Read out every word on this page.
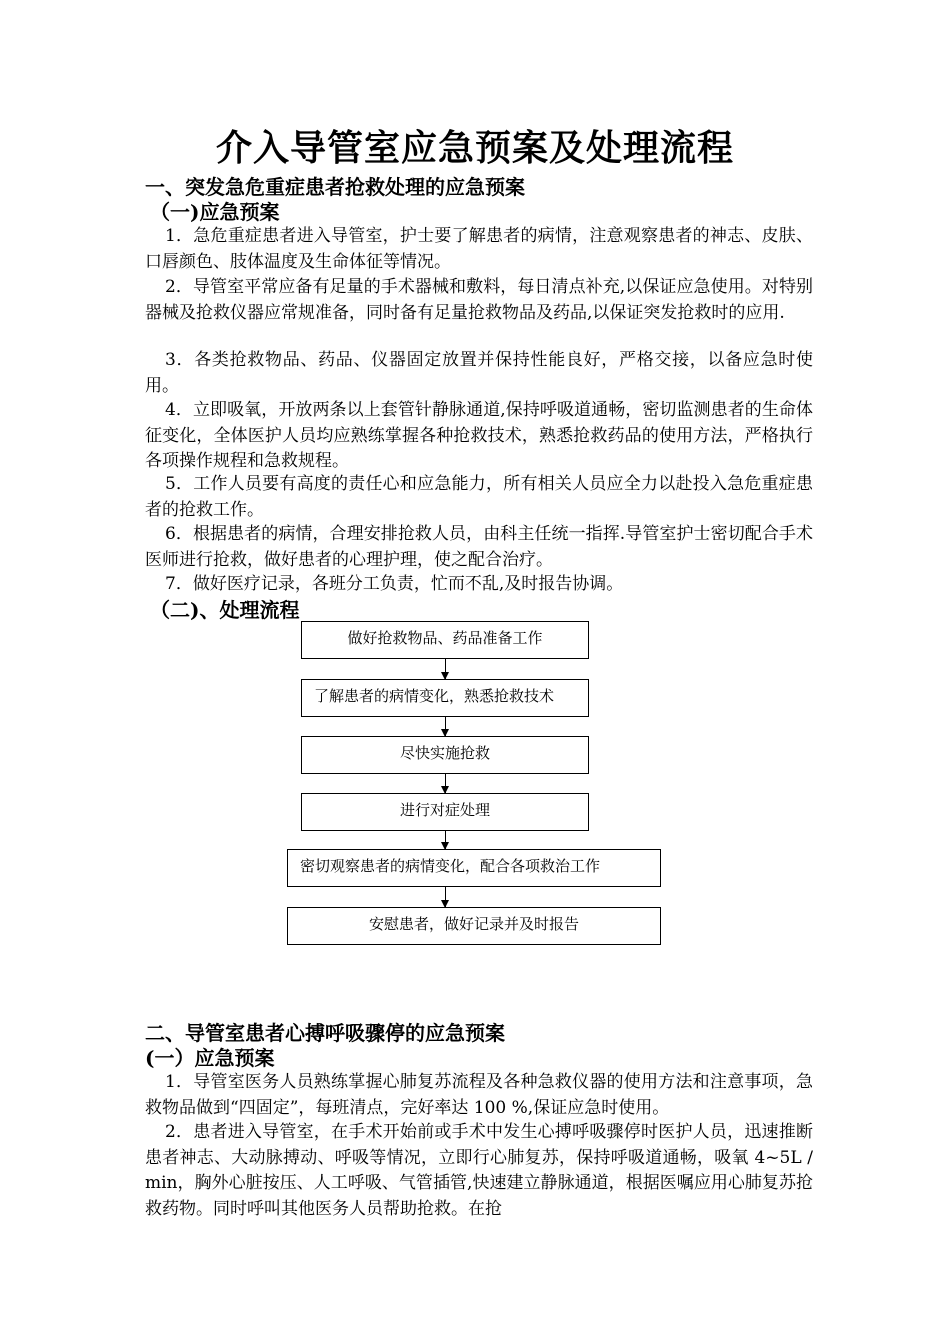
介入导管室应急预案及处理流程
一、突发急危重症患者抢救处理的应急预案
（一)应急预案

1．急危重症患者进入导管室，护士要了解患者的病情，注意观察患者的神志、皮肤、口唇颜色、肢体温度及生命体征等情况。

2．导管室平常应备有足量的手术器械和敷料，每日清点补充,以保证应急使用。对特别器械及抢救仪器应常规准备，同时备有足量抢救物品及药品,以保证突发抢救时的应用.

3．各类抢救物品、药品、仪器固定放置并保持性能良好，严格交接，以备应急时使用。

4．立即吸氧，开放两条以上套管针静脉通道,保持呼吸道通畅，密切监测患者的生命体征变化，全体医护人员均应熟练掌握各种抢救技术，熟悉抢救药品的使用方法，严格执行各项操作规程和急救规程。

5．工作人员要有高度的责任心和应急能力，所有相关人员应全力以赴投入急危重症患者的抢救工作。

6．根据患者的病情，合理安排抢救人员，由科主任统一指挥.导管室护士密切配合手术医师进行抢救，做好患者的心理护理，使之配合治疗。

7．做好医疗记录，各班分工负责，忙而不乱,及时报告协调。

（二)、处理流程
做好抢救物品、药品准备工作
了解患者的病情变化，熟悉抢救技术
尽快实施抢救
进行对症处理
密切观察患者的病情变化，配合各项救治工作
安慰患者，做好记录并及时报告
二、导管室患者心搏呼吸骤停的应急预案
(一）应急预案

1．导管室医务人员熟练掌握心肺复苏流程及各种急救仪器的使用方法和注意事项，急救物品做到“四固定”，每班清点，完好率达 100 %,保证应急时使用。

2．患者进入导管室，在手术开始前或手术中发生心搏呼吸骤停时医护人员，迅速推断患者神志、大动脉搏动、呼吸等情况，立即行心肺复苏，保持呼吸道通畅，吸氧 4~5L / min，胸外心脏按压、人工呼吸、气管插管,快速建立静脉通道，根据医嘱应用心肺复苏抢救药物。同时呼叫其他医务人员帮助抢救。在抢
